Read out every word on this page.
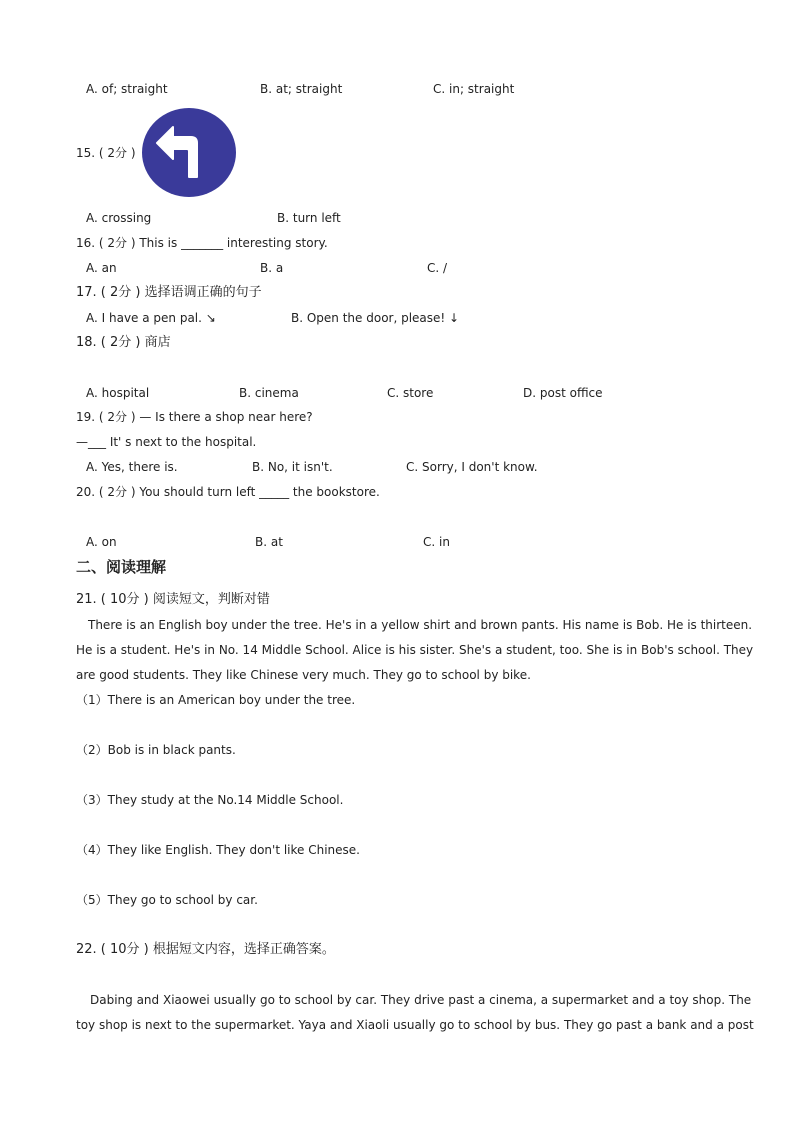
A. of; straight	B. at; straight	C. in; straight
15. ( 2分 )
A. crossing	B. turn left
16. ( 2分 ) This is _______ interesting story.
A. an	B. a	C. /
17. ( 2分 ) 选择语调正确的句子
A. I have a pen pal. ↘	B. Open the door, please! ↓
18. ( 2分 ) 商店
A. hospital	B. cinema	C. store	D. post office
19. ( 2分 ) — Is there a shop near here?
—___ It' s next to the hospital.
A. Yes, there is.	B. No, it isn't.	C. Sorry, I don't know.
20. ( 2分 ) You should turn left _____ the bookstore.
A. on	B. at	C. in
二、阅读理解
21. ( 10分 ) 阅读短文，判断对错
There is an English boy under the tree. He's in a yellow shirt and brown pants. His name is Bob. He is thirteen.
He is a student. He's in No. 14 Middle School. Alice is his sister. She's a student, too. She is in Bob's school. They
are good students. They like Chinese very much. They go to school by bike.
（1）There is an American boy under the tree.
（2）Bob is in black pants.
（3）They study at the No.14 Middle School.
（4）They like English. They don't like Chinese.
（5）They go to school by car.
22. ( 10分 ) 根据短文内容，选择正确答案。
Dabing and Xiaowei usually go to school by car. They drive past a cinema, a supermarket and a toy shop. The
toy shop is next to the supermarket. Yaya and Xiaoli usually go to school by bus. They go past a bank and a post
